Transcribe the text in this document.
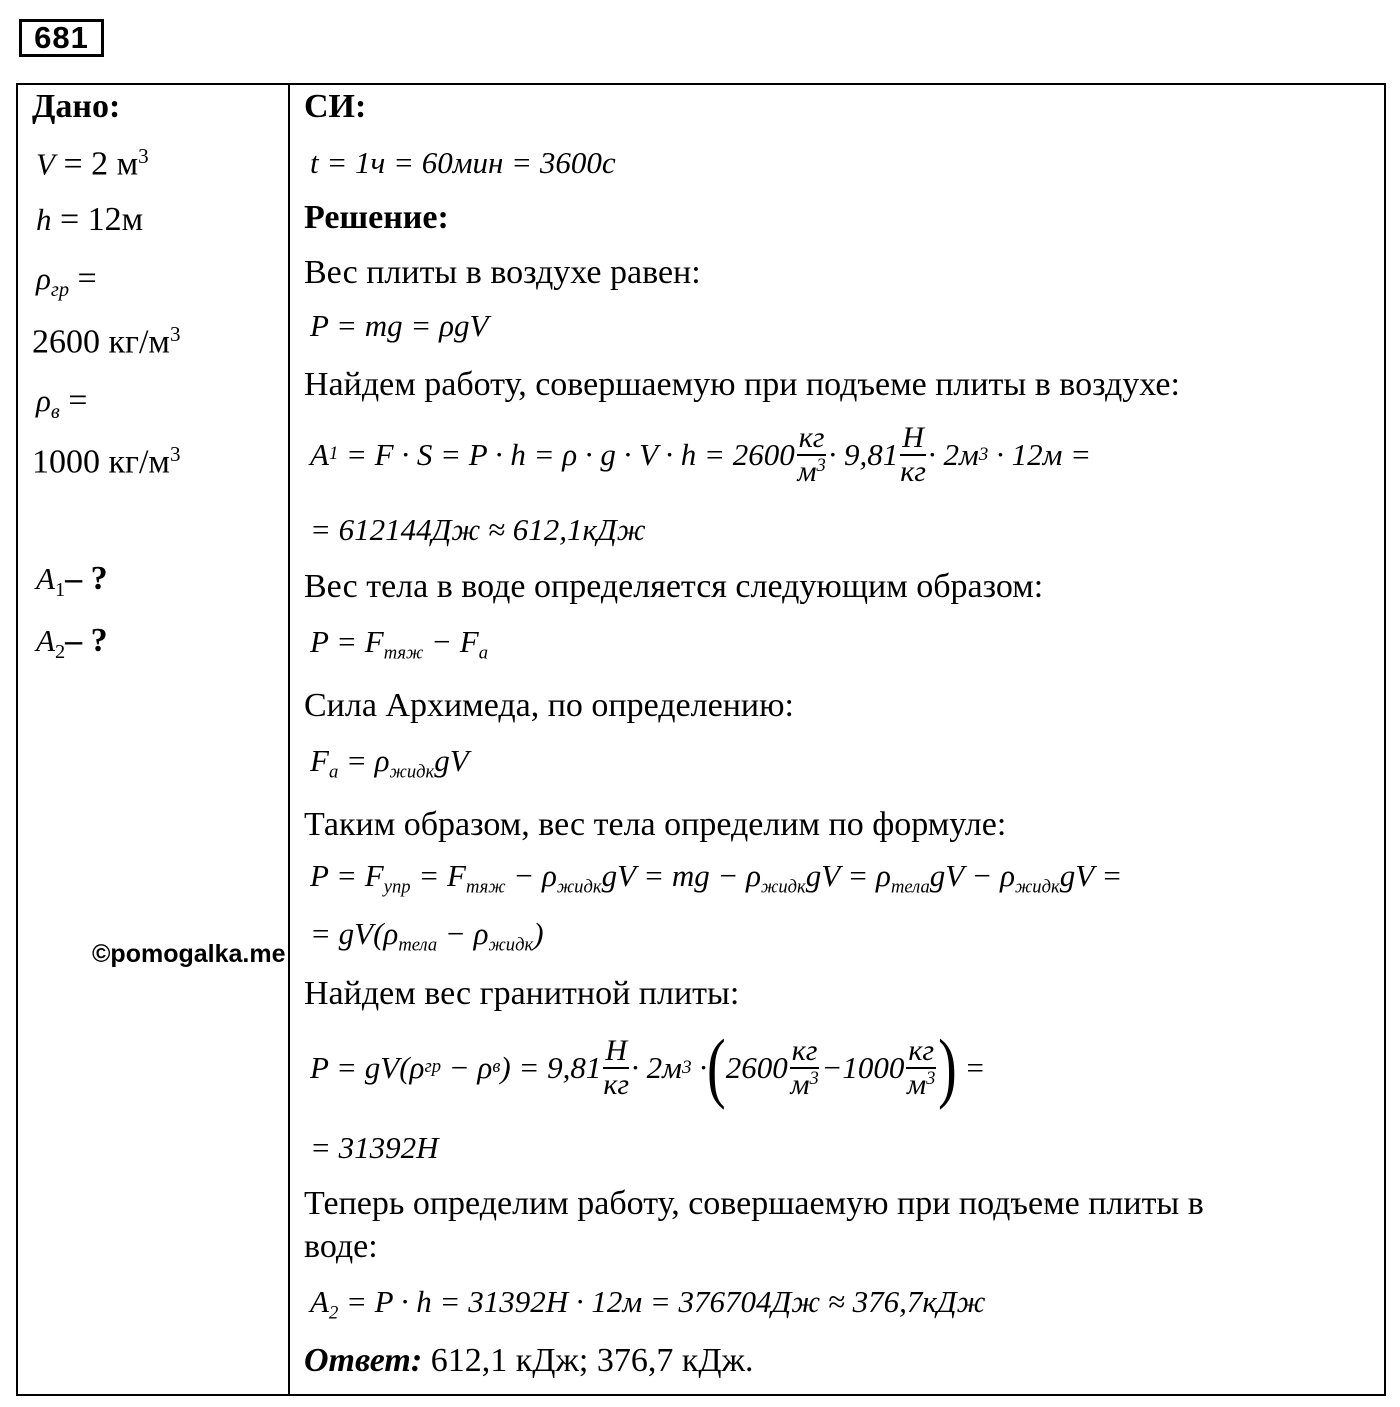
681
Дано:
V = 2 $м^3$
h = 12м
$\rho_{гр}$ =
2600 $кг/м^3$
$\rho_в$ =
1000 $кг/м^3$
$A_1-$ ?
$A_2-$ ?
©pomogalka.me
СИ:
t = 1ч = 60мин = 3600с
Решение:
Вес плиты в воздухе равен:
P = mg = ρgV
Найдем работу, совершаемую при подъеме плиты в воздухе:
A $1 = F \cdot S = P \cdot h = \rho \cdot g \cdot V \cdot h = 2600 \frac{кг}{м^3} \cdot 9,81 \frac{Н}{кг} \cdot 2м$ 3 · 12м =
= 612144Дж ≈ 612,1кДж
Вес тела в воде определяется следующим образом:
$P = F_{тяж} - F_a$
Сила Архимеда, по определению:
$F_a = \rho_{жидк}gV$
Таким образом, вес тела определим по формуле:
$P = F_{упр} = F_{тяж} - \rho_{жидк}gV$ = mg − $\rho_{жидк}gV = \rho_{тела}gV - \rho_{жидк}gV$ =
= $gV(\rho_{тела} - \rho_{жидк})$
Найдем вес гранитной плиты:
P = gV(ρ гр − ρ в ) = $9,81 \frac{Н}{кг} \cdot 2м$ 3 · ( $2600 \frac{кг}{м^3} -1000 \frac{кг}{м^3}$ ) =
= 31392Н
Теперь определим работу, совершаемую при подъеме плиты в
воде:
$A_2 = P \cdot h = 31392Н \cdot 12м = 376704Дж \approx 376,7кДж$
Ответ: 612,1 кДж; 376,7 кДж.
